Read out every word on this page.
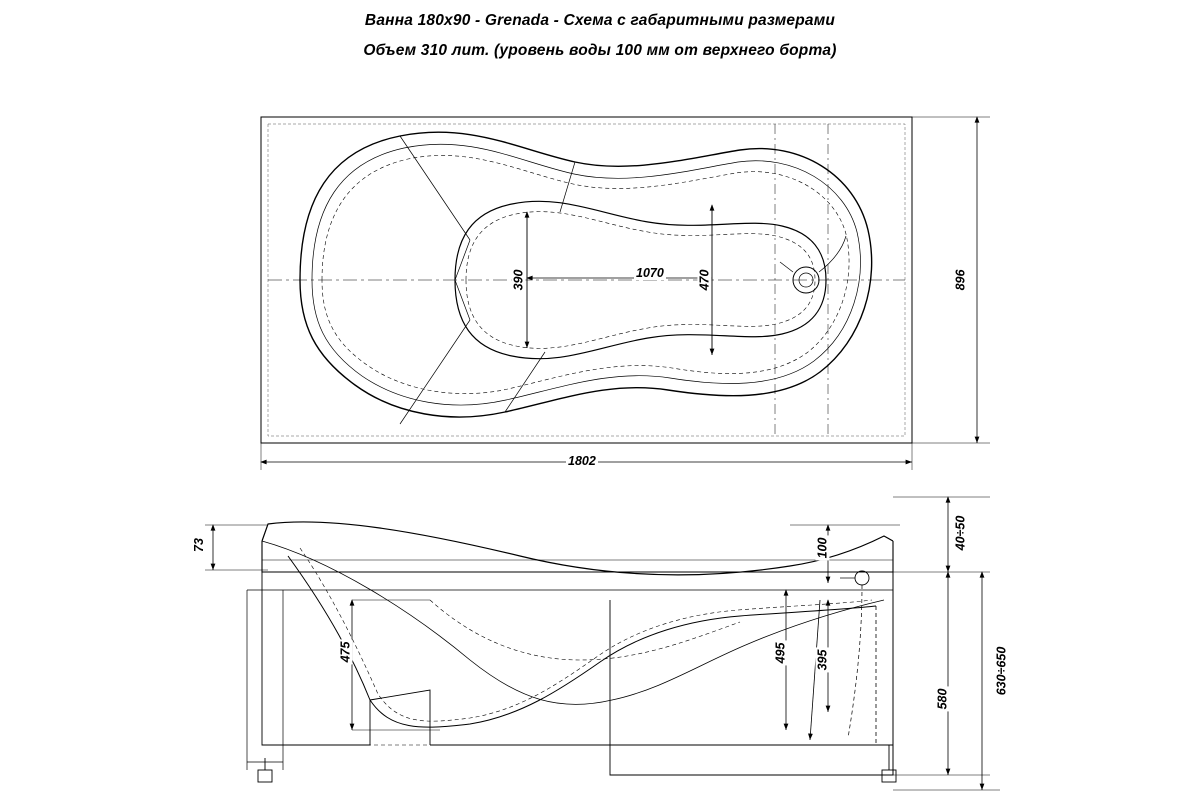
Ванна 180х90 - Grenada - Схема с габаритными размерами
Объем 310 лит. (уровень воды 100 мм от верхнего борта)
1802
896
1070
390	470
73	100
475	495 395
580
40÷50
630÷650
